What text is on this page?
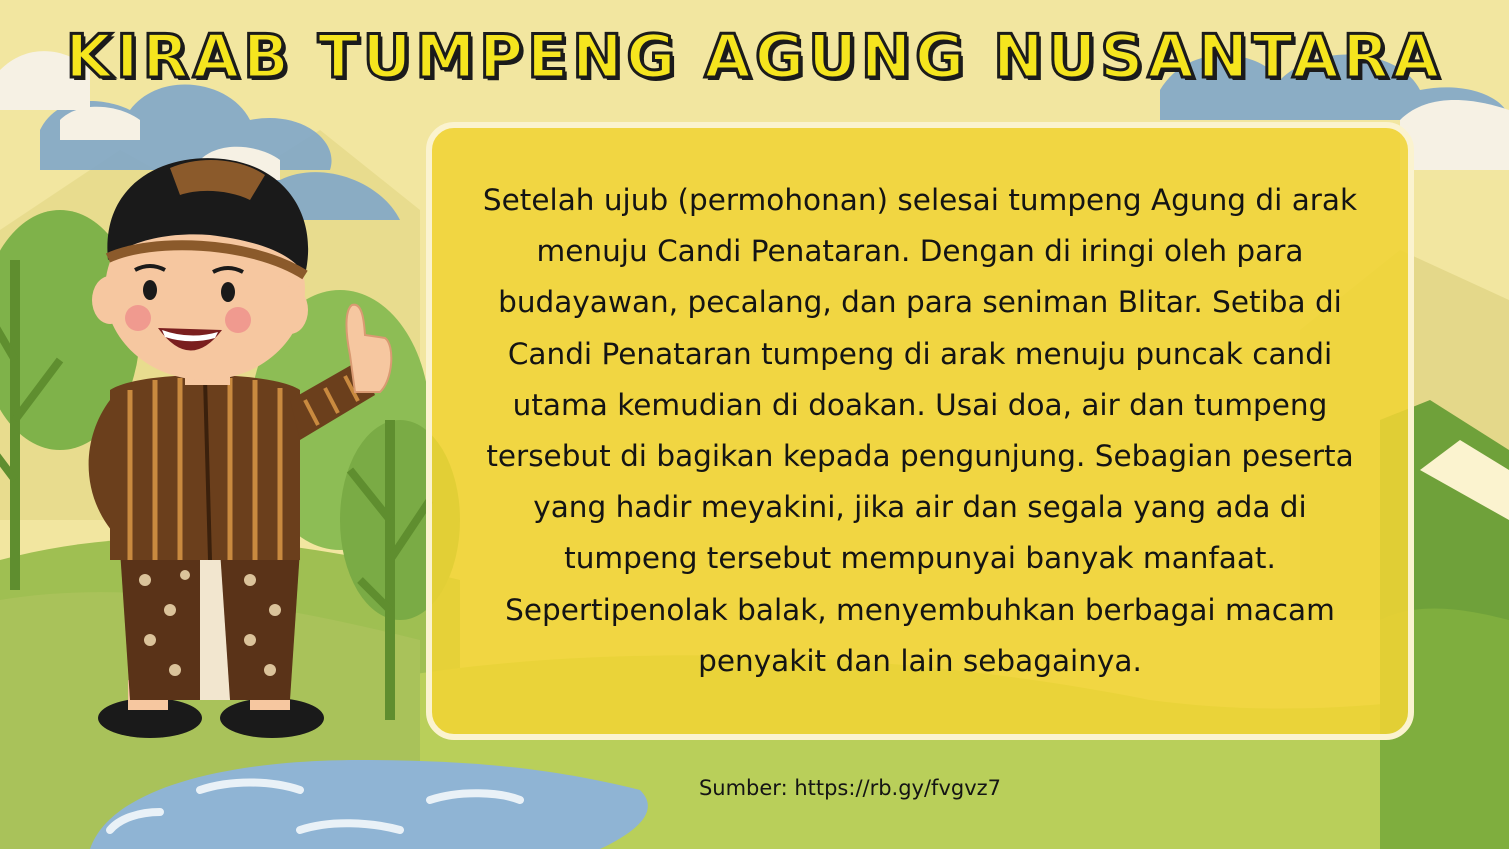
KIRAB TUMPENG AGUNG NUSANTARA

Setelah ujub (permohonan) selesai tumpeng Agung di arak menuju Candi Penataran. Dengan di iringi oleh para budayawan, pecalang, dan para seniman Blitar. Setiba di Candi Penataran tumpeng di arak menuju puncak candi utama kemudian di doakan. Usai doa, air dan tumpeng tersebut di bagikan kepada pengunjung. Sebagian peserta yang hadir meyakini, jika air dan segala yang ada di tumpeng tersebut mempunyai banyak manfaat. Sepertipenolak balak, menyembuhkan berbagai macam penyakit dan lain sebagainya.

Sumber: https://rb.gy/fvgvz7
